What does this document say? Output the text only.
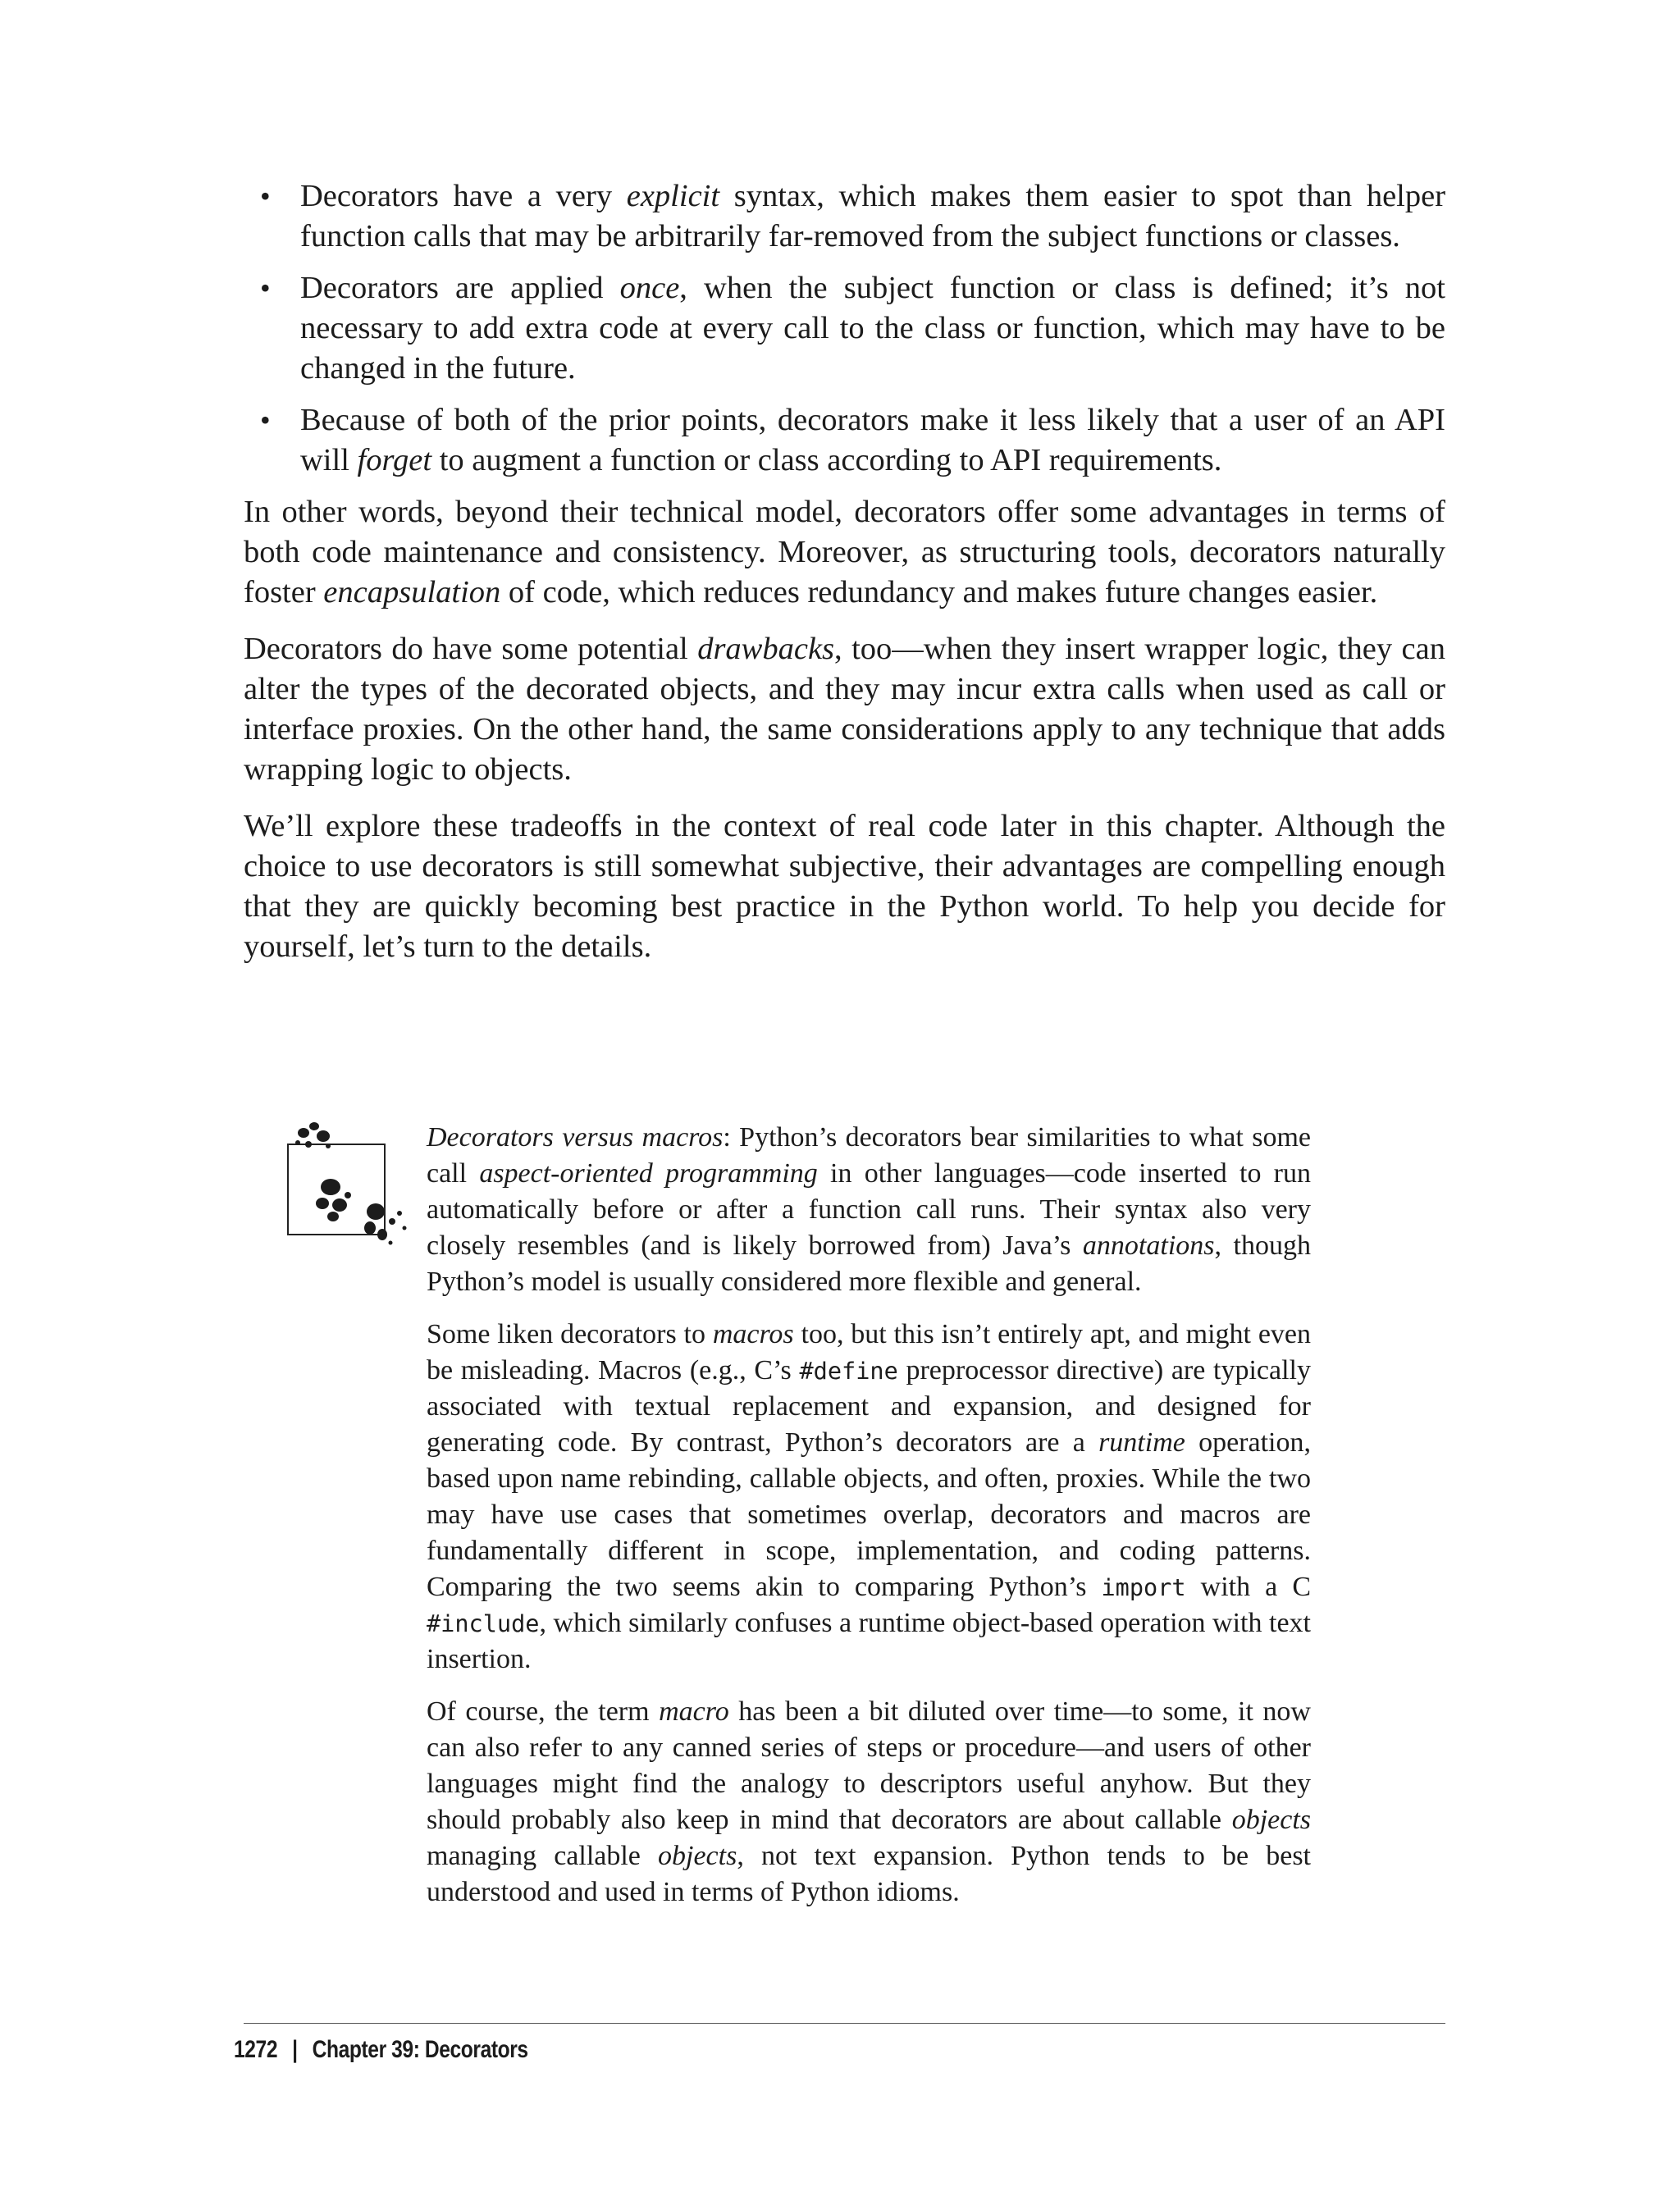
• Decorators have a very explicit syntax, which makes them easier to spot than helper function calls that may be arbitrarily far-removed from the subject functions or classes.
• Decorators are applied once, when the subject function or class is defined; it’s not necessary to add extra code at every call to the class or function, which may have to be changed in the future.
• Because of both of the prior points, decorators make it less likely that a user of an API will forget to augment a function or class according to API requirements.

In other words, beyond their technical model, decorators offer some advantages in terms of both code maintenance and consistency. Moreover, as structuring tools, decorators naturally foster encapsulation of code, which reduces redundancy and makes future changes easier.

Decorators do have some potential drawbacks, too—when they insert wrapper logic, they can alter the types of the decorated objects, and they may incur extra calls when used as call or interface proxies. On the other hand, the same considerations apply to any technique that adds wrapping logic to objects.

We’ll explore these tradeoffs in the context of real code later in this chapter. Although the choice to use decorators is still somewhat subjective, their advantages are compelling enough that they are quickly becoming best practice in the Python world. To help you decide for yourself, let’s turn to the details.

Decorators versus macros: Python’s decorators bear similarities to what some call aspect-oriented programming in other languages—code inserted to run automatically before or after a function call runs. Their syntax also very closely resembles (and is likely borrowed from) Java’s annotations, though Python’s model is usually considered more flexible and general.

Some liken decorators to macros too, but this isn’t entirely apt, and might even be misleading. Macros (e.g., C’s #define preprocessor directive) are typically associated with textual replacement and expansion, and designed for generating code. By contrast, Python’s decorators are a runtime operation, based upon name rebinding, callable objects, and often, proxies. While the two may have use cases that sometimes overlap, decorators and macros are fundamentally different in scope, implementation, and coding patterns. Comparing the two seems akin to comparing Python’s import with a C #include, which similarly confuses a runtime object-based operation with text insertion.

Of course, the term macro has been a bit diluted over time—to some, it now can also refer to any canned series of steps or procedure—and users of other languages might find the analogy to descriptors useful anyhow. But they should probably also keep in mind that decorators are about callable objects managing callable objects, not text expansion. Python tends to be best understood and used in terms of Python idioms.

1272 | Chapter 39: Decorators
